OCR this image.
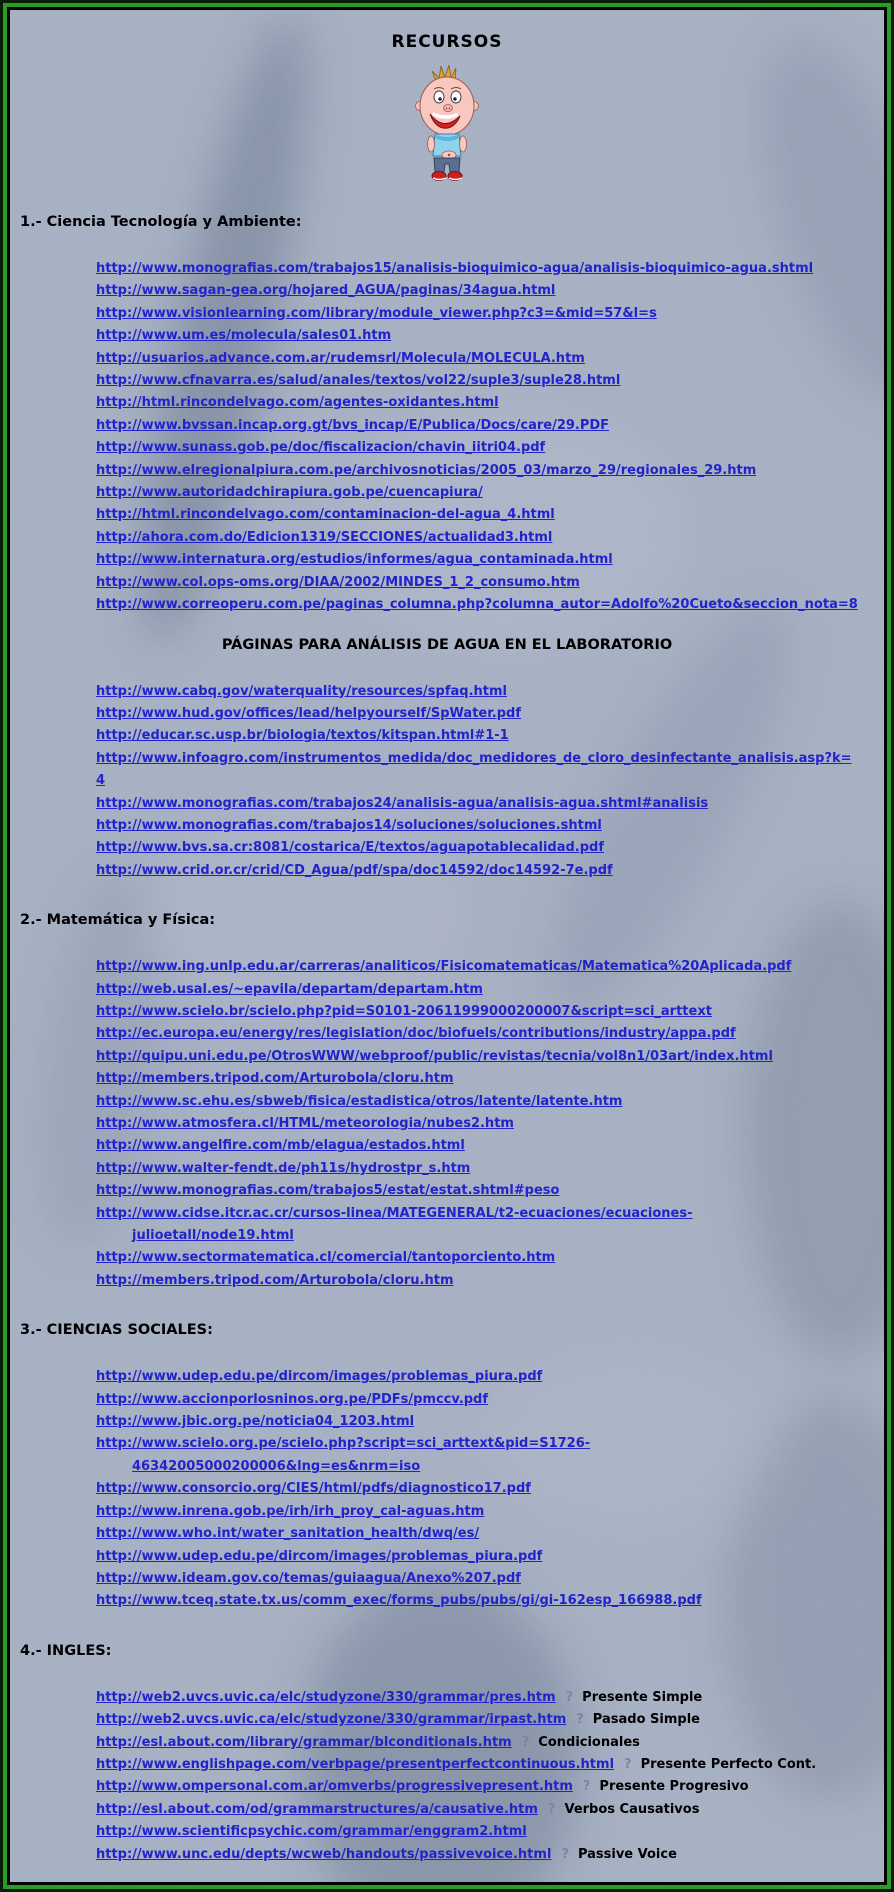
RECURSOS
1.- Ciencia Tecnología y Ambiente:
http://www.monografias.com/trabajos15/analisis-bioquimico-agua/analisis-bioquimico-agua.shtml
http://www.sagan-gea.org/hojared_AGUA/paginas/34agua.html
http://www.visionlearning.com/library/module_viewer.php?c3=&mid=57&l=s
http://www.um.es/molecula/sales01.htm
http://usuarios.advance.com.ar/rudemsrl/Molecula/MOLECULA.htm
http://www.cfnavarra.es/salud/anales/textos/vol22/suple3/suple28.html
http://html.rincondelvago.com/agentes-oxidantes.html
http://www.bvssan.incap.org.gt/bvs_incap/E/Publica/Docs/care/29.PDF
http://www.sunass.gob.pe/doc/fiscalizacion/chavin_iitri04.pdf
http://www.elregionalpiura.com.pe/archivosnoticias/2005_03/marzo_29/regionales_29.htm
http://www.autoridadchirapiura.gob.pe/cuencapiura/
http://html.rincondelvago.com/contaminacion-del-agua_4.html
http://ahora.com.do/Edicion1319/SECCIONES/actualidad3.html
http://www.internatura.org/estudios/informes/agua_contaminada.html
http://www.col.ops-oms.org/DIAA/2002/MINDES_1_2_consumo.htm
http://www.correoperu.com.pe/paginas_columna.php?columna_autor=Adolfo%20Cueto&seccion_nota=8
PÁGINAS PARA ANÁLISIS DE AGUA EN EL LABORATORIO
http://www.cabq.gov/waterquality/resources/spfaq.html
http://www.hud.gov/offices/lead/helpyourself/SpWater.pdf
http://educar.sc.usp.br/biologia/textos/kitspan.html#1-1
http://www.infoagro.com/instrumentos_medida/doc_medidores_de_cloro_desinfectante_analisis.asp?k=
4
http://www.monografias.com/trabajos24/analisis-agua/analisis-agua.shtml#analisis
http://www.monografias.com/trabajos14/soluciones/soluciones.shtml
http://www.bvs.sa.cr:8081/costarica/E/textos/aguapotablecalidad.pdf
http://www.crid.or.cr/crid/CD_Agua/pdf/spa/doc14592/doc14592-7e.pdf
2.- Matemática y Física:
http://www.ing.unlp.edu.ar/carreras/analiticos/Fisicomatematicas/Matematica%20Aplicada.pdf
http://web.usal.es/~epavila/departam/departam.htm
http://www.scielo.br/scielo.php?pid=S0101-20611999000200007&script=sci_arttext
http://ec.europa.eu/energy/res/legislation/doc/biofuels/contributions/industry/appa.pdf
http://quipu.uni.edu.pe/OtrosWWW/webproof/public/revistas/tecnia/vol8n1/03art/index.html
http://members.tripod.com/Arturobola/cloru.htm
http://www.sc.ehu.es/sbweb/fisica/estadistica/otros/latente/latente.htm
http://www.atmosfera.cl/HTML/meteorologia/nubes2.htm
http://www.angelfire.com/mb/elagua/estados.html
http://www.walter-fendt.de/ph11s/hydrostpr_s.htm
http://www.monografias.com/trabajos5/estat/estat.shtml#peso
http://www.cidse.itcr.ac.cr/cursos-linea/MATEGENERAL/t2-ecuaciones/ecuaciones-
julioetall/node19.html
http://www.sectormatematica.cl/comercial/tantoporciento.htm
http://members.tripod.com/Arturobola/cloru.htm
3.- CIENCIAS SOCIALES:
http://www.udep.edu.pe/dircom/images/problemas_piura.pdf
http://www.accionporlosninos.org.pe/PDFs/pmccv.pdf
http://www.jbic.org.pe/noticia04_1203.html
http://www.scielo.org.pe/scielo.php?script=sci_arttext&pid=S1726-
46342005000200006&lng=es&nrm=iso
http://www.consorcio.org/CIES/html/pdfs/diagnostico17.pdf
http://www.inrena.gob.pe/irh/irh_proy_cal-aguas.htm
http://www.who.int/water_sanitation_health/dwq/es/
http://www.udep.edu.pe/dircom/images/problemas_piura.pdf
http://www.ideam.gov.co/temas/guiaagua/Anexo%207.pdf
http://www.tceq.state.tx.us/comm_exec/forms_pubs/pubs/gi/gi-162esp_166988.pdf
4.- INGLES:
http://web2.uvcs.uvic.ca/elc/studyzone/330/grammar/pres.htm ? Presente Simple
http://web2.uvcs.uvic.ca/elc/studyzone/330/grammar/irpast.htm ? Pasado Simple
http://esl.about.com/library/grammar/blconditionals.htm ? Condicionales
http://www.englishpage.com/verbpage/presentperfectcontinuous.html ? Presente Perfecto Cont.
http://www.ompersonal.com.ar/omverbs/progressivepresent.htm ? Presente Progresivo
http://esl.about.com/od/grammarstructures/a/causative.htm ? Verbos Causativos
http://www.scientificpsychic.com/grammar/enggram2.html
http://www.unc.edu/depts/wcweb/handouts/passivevoice.html ? Passive Voice
